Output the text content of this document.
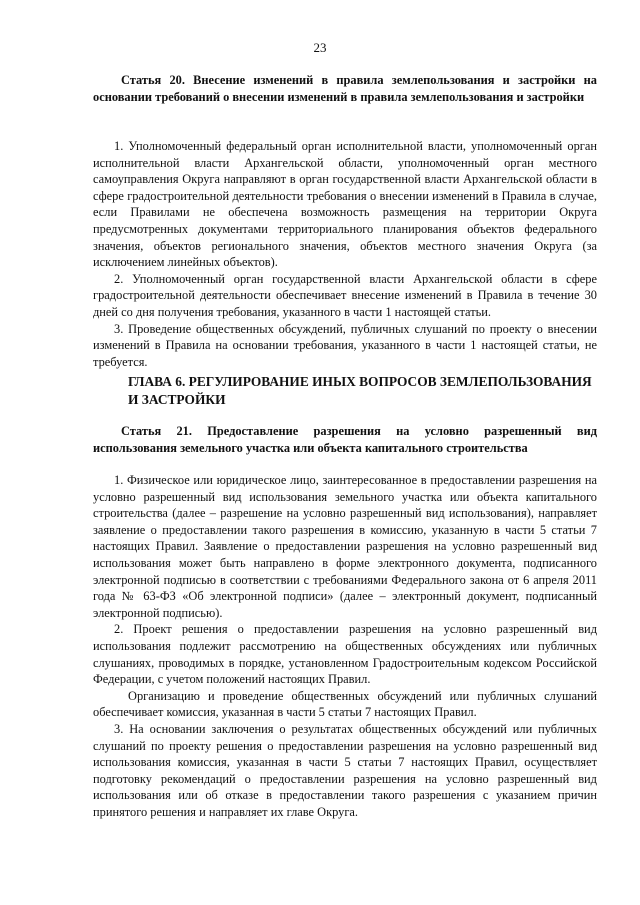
23
Статья 20. Внесение изменений в правила землепользования и застройки на основании требований о внесении изменений в правила землепользования и застройки

1. Уполномоченный федеральный орган исполнительной власти, уполномоченный орган исполнительной власти Архангельской области, уполномоченный орган местного самоуправления Округа направляют в орган государственной власти Архангельской области в сфере градостроительной деятельности требования о внесении изменений в Правила в случае, если Правилами не обеспечена возможность размещения на территории Округа предусмотренных документами территориального планирования объектов федерального значения, объектов регионального значения, объектов местного значения Округа (за исключением линейных объектов).

2. Уполномоченный орган государственной власти Архангельской области в сфере градостроительной деятельности обеспечивает внесение изменений в Правила в течение 30 дней со дня получения требования, указанного в части 1 настоящей статьи.

3. Проведение общественных обсуждений, публичных слушаний по проекту о внесении изменений в Правила на основании требования, указанного в части 1 настоящей статьи, не требуется.

ГЛАВА 6. РЕГУЛИРОВАНИЕ ИНЫХ ВОПРОСОВ ЗЕМЛЕПОЛЬЗОВАНИЯ И ЗАСТРОЙКИ
Статья 21. Предоставление разрешения на условно разрешенный вид использования земельного участка или объекта капитального строительства

1. Физическое или юридическое лицо, заинтересованное в предоставлении разрешения на условно разрешенный вид использования земельного участка или объекта капитального строительства (далее – разрешение на условно разрешенный вид использования), направляет заявление о предоставлении такого разрешения в комиссию, указанную в части 5 статьи 7 настоящих Правил. Заявление о предоставлении разрешения на условно разрешенный вид использования может быть направлено в форме электронного документа, подписанного электронной подписью в соответствии с требованиями Федерального закона от 6 апреля 2011 года № 63-ФЗ «Об электронной подписи» (далее – электронный документ, подписанный электронной подписью).

2. Проект решения о предоставлении разрешения на условно разрешенный вид использования подлежит рассмотрению на общественных обсуждениях или публичных слушаниях, проводимых в порядке, установленном Градостроительным кодексом Российской Федерации, с учетом положений настоящих Правил.

Организацию и проведение общественных обсуждений или публичных слушаний обеспечивает комиссия, указанная в части 5 статьи 7 настоящих Правил.

3. На основании заключения о результатах общественных обсуждений или публичных слушаний по проекту решения о предоставлении разрешения на условно разрешенный вид использования комиссия, указанная в части 5 статьи 7 настоящих Правил, осуществляет подготовку рекомендаций о предоставлении разрешения на условно разрешенный вид использования или об отказе в предоставлении такого разрешения с указанием причин принятого решения и направляет их главе Округа.
